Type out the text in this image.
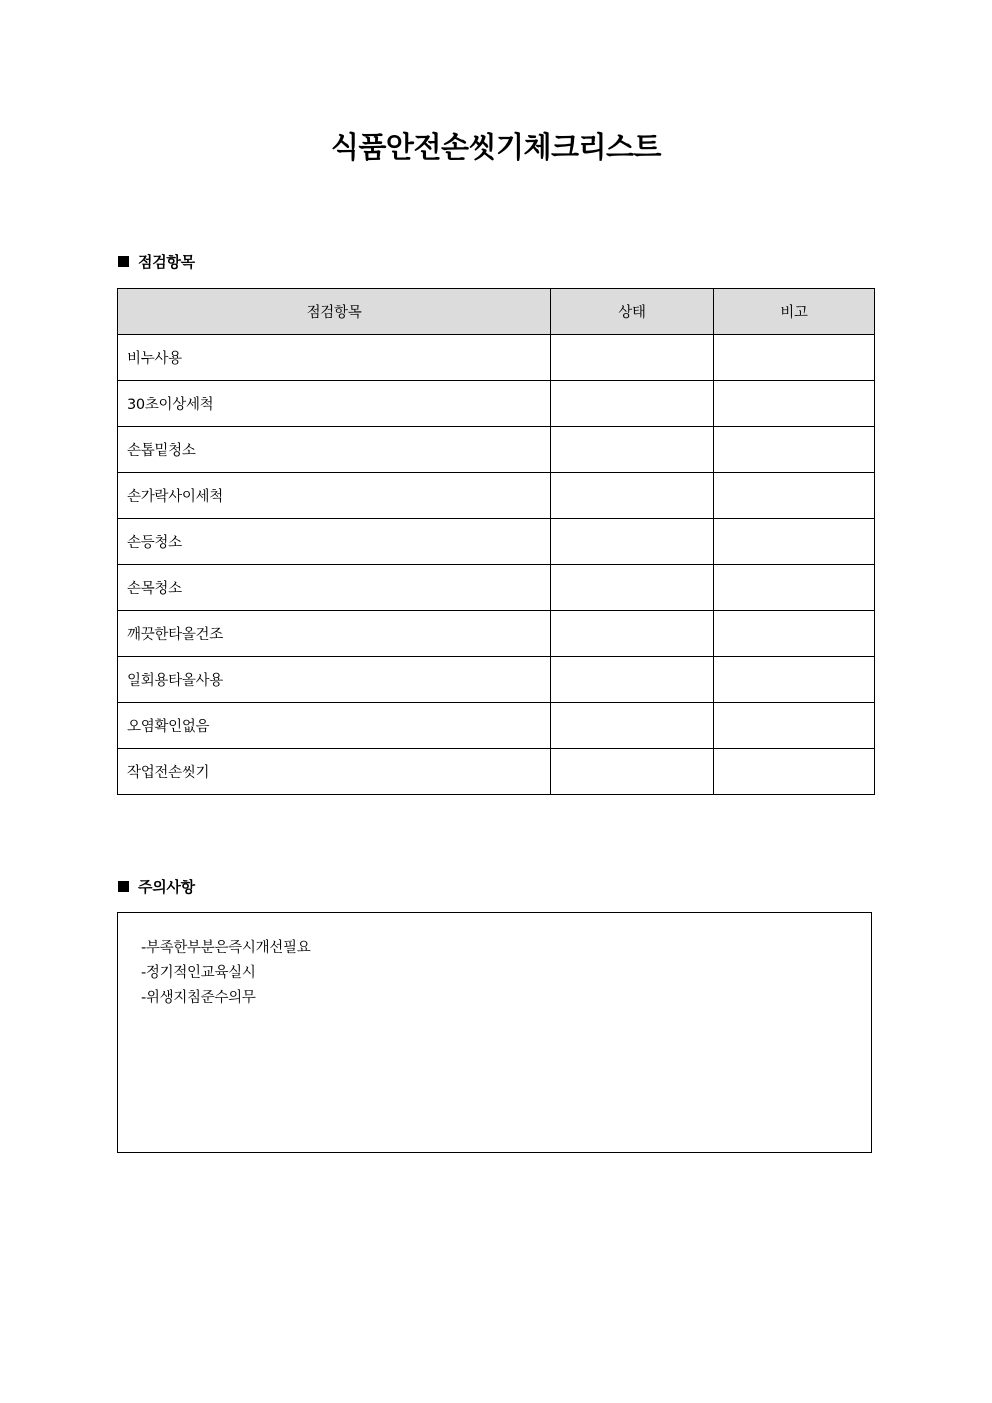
식품안전손씻기체크리스트
점검항목
점검항목	상태	비고
비누사용		
30초이상세척		
손톱밑청소		
손가락사이세척		
손등청소		
손목청소		
깨끗한타올건조		
일회용타올사용		
오염확인없음		
작업전손씻기		
주의사항
-부족한부분은즉시개선필요
-정기적인교육실시
-위생지침준수의무
